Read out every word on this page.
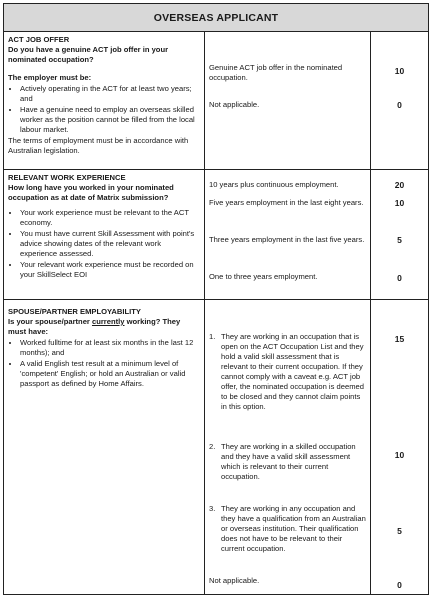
OVERSEAS APPLICANT
ACT JOB OFFER
Do you have a genuine ACT job offer in your nominated occupation?
The employer must be:
• Actively operating in the ACT for at least two years; and
• Have a genuine need to employ an overseas skilled worker as the position cannot be filled from the local labour market.
The terms of employment must be in accordance with Australian legislation.
Genuine ACT job offer in the nominated occupation.
Not applicable.
10
0
RELEVANT WORK EXPERIENCE
How long have you worked in your nominated occupation as at date of Matrix submission?
• Your work experience must be relevant to the ACT economy.
• You must have current Skill Assessment with point's advice showing dates of the relevant work experience assessed.
• Your relevant work experience must be recorded on your SkillSelect EOI
10 years plus continuous employment.
Five years employment in the last eight years.
Three years employment in the last five years.
One to three years employment.
20
10
5
0
SPOUSE/PARTNER EMPLOYABILITY
Is your spouse/partner currently working? They must have:
• Worked fulltime for at least six months in the last 12 months); and
• A valid English test result at a minimum level of 'competent' English; or hold an Australian or valid passport as defined by Home Affairs.
1. They are working in an occupation that is open on the ACT Occupation List and they hold a valid skill assessment that is relevant to their current occupation. If they cannot comply with a caveat e.g. ACT job offer, the nominated occupation is deemed to be closed and they cannot claim points in this option.
2. They are working in a skilled occupation and they have a valid skill assessment which is relevant to their current occupation.
3. They are working in any occupation and they have a qualification from an Australian or overseas institution. Their qualification does not have to be relevant to their current occupation.
Not applicable.
15
10
5
0
